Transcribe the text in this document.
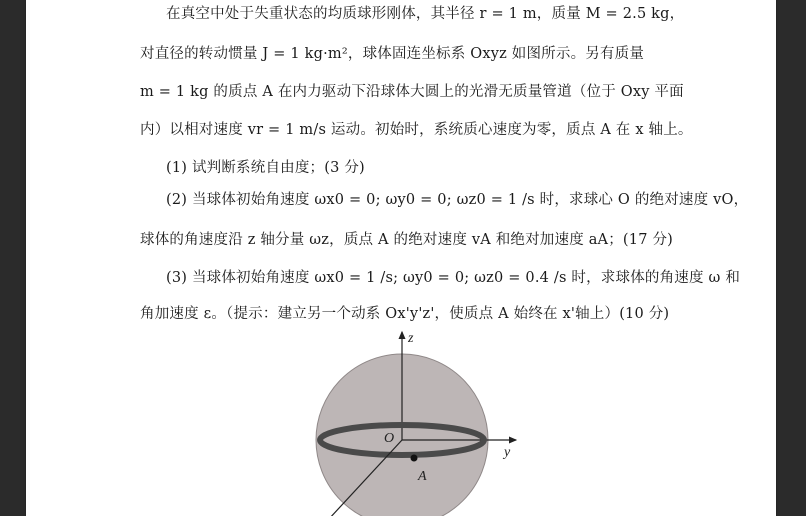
在真空中处于失重状态的均质球形刚体，其半径 r = 1 m，质量 M = 2.5 kg，
对直径的转动惯量 J = 1 kg·m²，球体固连坐标系 Oxyz 如图所示。另有质量
m = 1 kg 的质点 A 在内力驱动下沿球体大圆上的光滑无质量管道（位于 Oxy 平面
内）以相对速度 vr = 1 m/s 运动。初始时，系统质心速度为零，质点 A 在 x 轴上。
(1) 试判断系统自由度；(3 分)
(2) 当球体初始角速度 ωx0 = 0; ωy0 = 0; ωz0 = 1 /s 时，求球心 O 的绝对速度 vO，
球体的角速度沿 z 轴分量 ωz，质点 A 的绝对速度 vA 和绝对加速度 aA；(17 分)
(3) 当球体初始角速度 ωx0 = 1 /s; ωy0 = 0; ωz0 = 0.4 /s 时，求球体的角速度 ω 和
角加速度 ε。（提示：建立另一个动系 Ox'y'z'，使质点 A 始终在 x'轴上）(10 分)
z
y
O
A
